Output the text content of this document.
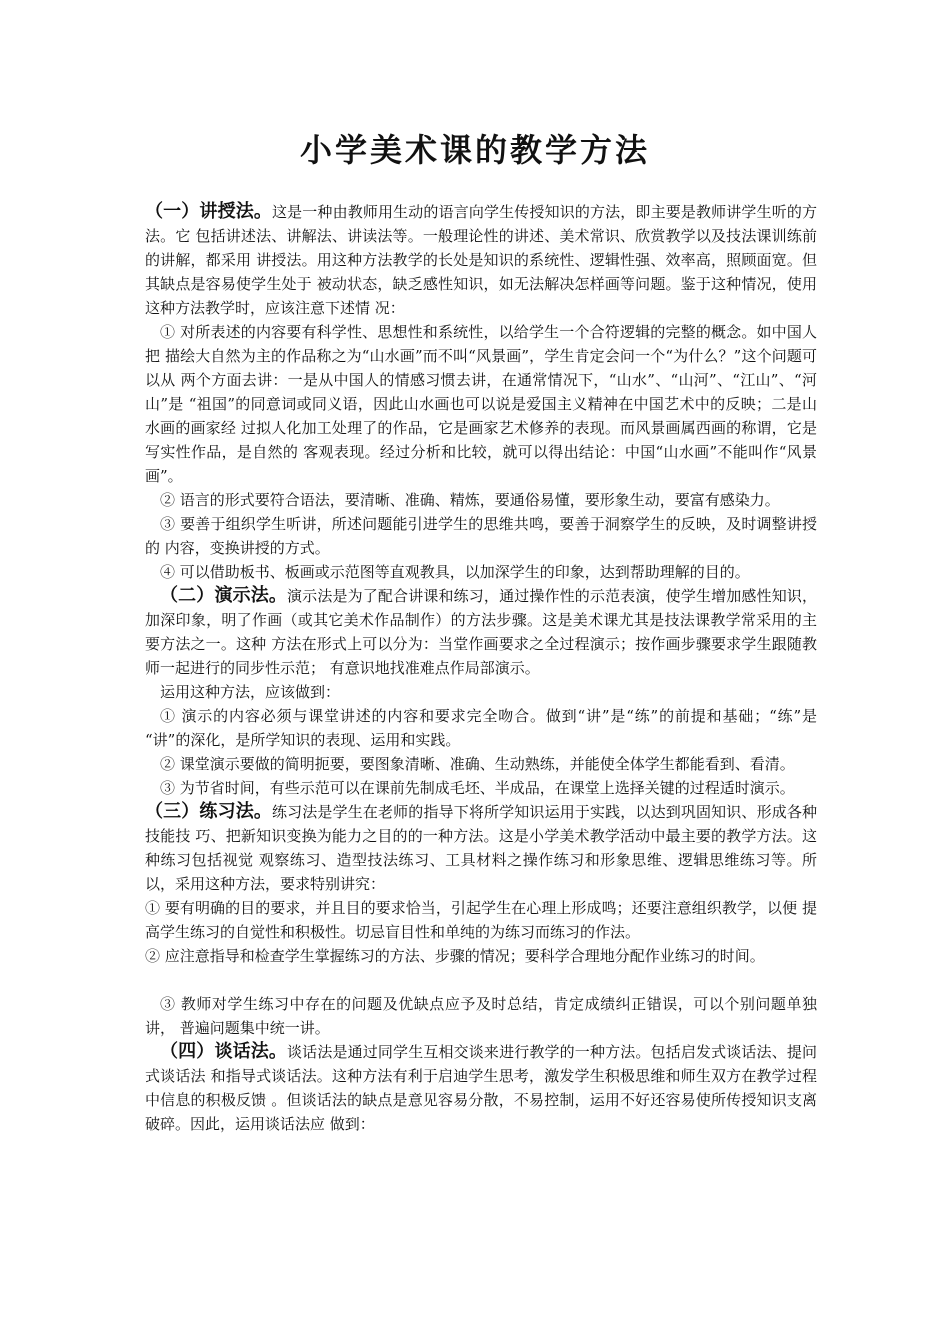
小学美术课的教学方法

（一）讲授法。这是一种由教师用生动的语言向学生传授知识的方法，即主要是教师讲学生听的方法。它 包括讲述法、讲解法、讲读法等。一般理论性的讲述、美术常识、欣赏教学以及技法课训练前的讲解，都采用 讲授法。用这种方法教学的长处是知识的系统性、逻辑性强、效率高，照顾面宽。但其缺点是容易使学生处于 被动状态，缺乏感性知识，如无法解决怎样画等问题。鉴于这种情况，使用这种方法教学时，应该注意下述情 况：

① 对所表述的内容要有科学性、思想性和系统性，以给学生一个合符逻辑的完整的概念。如中国人把 描绘大自然为主的作品称之为“山水画”而不叫“风景画”，学生肯定会问一个“为什么？”这个问题可以从 两个方面去讲：一是从中国人的情感习惯去讲，在通常情况下，“山水”、“山河”、“江山”、“河山”是 “祖国”的同意词或同义语，因此山水画也可以说是爱国主义精神在中国艺术中的反映；二是山水画的画家经 过拟人化加工处理了的作品，它是画家艺术修养的表现。而风景画属西画的称谓，它是写实性作品，是自然的 客观表现。经过分析和比较，就可以得出结论：中国“山水画”不能叫作“风景画”。

② 语言的形式要符合语法，要清晰、准确、精炼，要通俗易懂，要形象生动，要富有感染力。

③ 要善于组织学生听讲，所述问题能引进学生的思维共鸣，要善于洞察学生的反映，及时调整讲授的 内容，变换讲授的方式。

④ 可以借助板书、板画或示范图等直观教具，以加深学生的印象，达到帮助理解的目的。

（二）演示法。演示法是为了配合讲课和练习，通过操作性的示范表演，使学生增加感性知识，加深印象，明了作画（或其它美术作品制作）的方法步骤。这是美术课尤其是技法课教学常采用的主要方法之一。这种 方法在形式上可以分为：当堂作画要求之全过程演示；按作画步骤要求学生跟随教师一起进行的同步性示范； 有意识地找准难点作局部演示。

运用这种方法，应该做到：

① 演示的内容必须与课堂讲述的内容和要求完全吻合。做到“讲”是“练”的前提和基础；“练”是 “讲”的深化，是所学知识的表现、运用和实践。

② 课堂演示要做的简明扼要，要图象清晰、准确、生动熟练，并能使全体学生都能看到、看清。

③ 为节省时间，有些示范可以在课前先制成毛坯、半成品，在课堂上选择关键的过程适时演示。

（三）练习法。练习法是学生在老师的指导下将所学知识运用于实践，以达到巩固知识、形成各种技能技 巧、把新知识变换为能力之目的的一种方法。这是小学美术教学活动中最主要的教学方法。这种练习包括视觉 观察练习、造型技法练习、工具材料之操作练习和形象思维、逻辑思维练习等。所以，采用这种方法，要求特别讲究：

① 要有明确的目的要求，并且目的要求恰当，引起学生在心理上形成鸣；还要注意组织教学，以便 提高学生练习的自觉性和积极性。切忌盲目性和单纯的为练习而练习的作法。

② 应注意指导和检查学生掌握练习的方法、步骤的情况；要科学合理地分配作业练习的时间。

③ 教师对学生练习中存在的问题及优缺点应予及时总结，肯定成绩纠正错误，可以个别问题单独讲， 普遍问题集中统一讲。

（四）谈话法。谈话法是通过同学生互相交谈来进行教学的一种方法。包括启发式谈话法、提问式谈话法 和指导式谈话法。这种方法有利于启迪学生思考，激发学生积极思维和师生双方在教学过程中信息的积极反馈 。但谈话法的缺点是意见容易分散，不易控制，运用不好还容易使所传授知识支离破碎。因此，运用谈话法应 做到：
